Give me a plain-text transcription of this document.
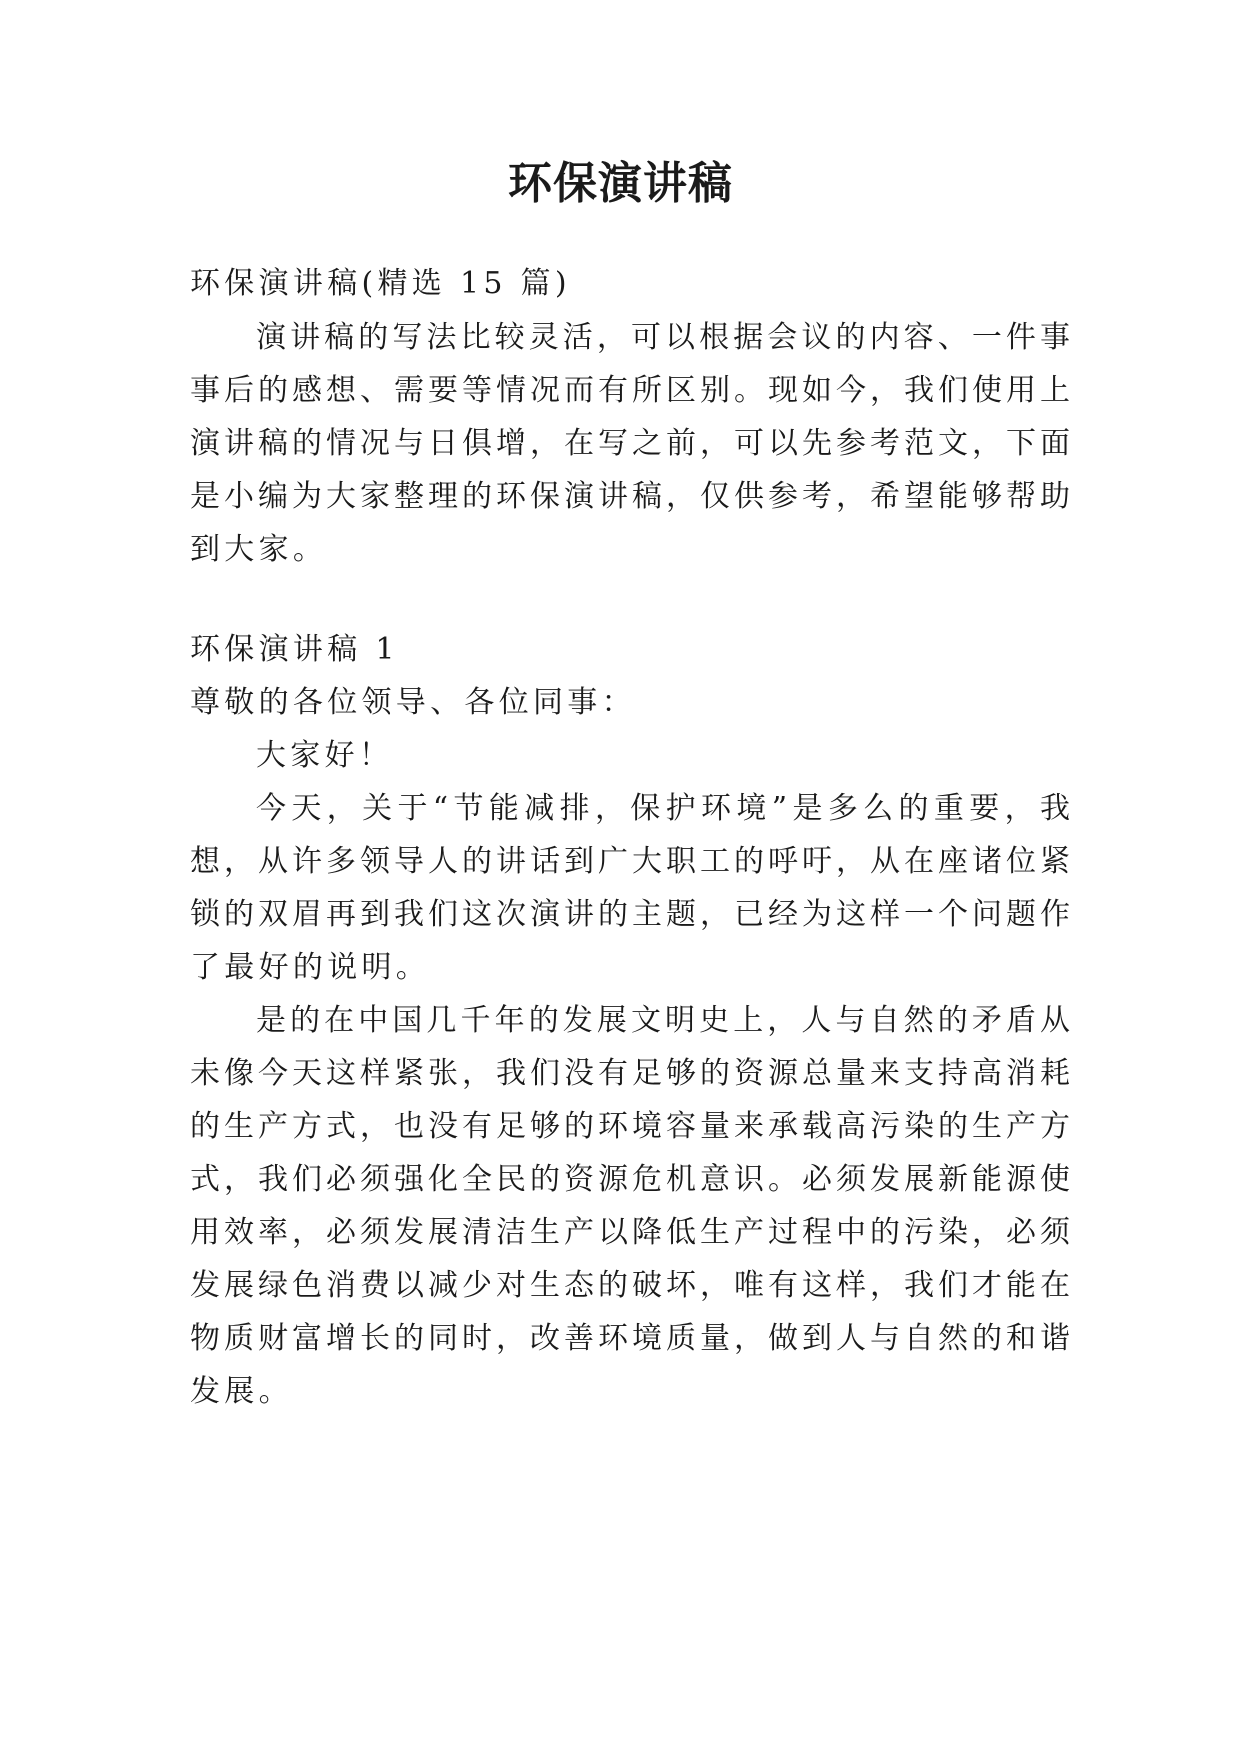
环保演讲稿
环保演讲稿(精选 15 篇)
演讲稿的写法比较灵活，可以根据会议的内容、一件事
事后的感想、需要等情况而有所区别。现如今，我们使用上
演讲稿的情况与日俱增，在写之前，可以先参考范文，下面
是小编为大家整理的环保演讲稿，仅供参考，希望能够帮助
到大家。
环保演讲稿 1
尊敬的各位领导、各位同事：
大家好！
今天，关于“节能减排，保护环境”是多么的重要，我
想，从许多领导人的讲话到广大职工的呼吁，从在座诸位紧
锁的双眉再到我们这次演讲的主题，已经为这样一个问题作
了最好的说明。
是的在中国几千年的发展文明史上，人与自然的矛盾从
未像今天这样紧张，我们没有足够的资源总量来支持高消耗
的生产方式，也没有足够的环境容量来承载高污染的生产方
式，我们必须强化全民的资源危机意识。必须发展新能源使
用效率，必须发展清洁生产以降低生产过程中的污染，必须
发展绿色消费以减少对生态的破坏，唯有这样，我们才能在
物质财富增长的同时，改善环境质量，做到人与自然的和谐
发展。
